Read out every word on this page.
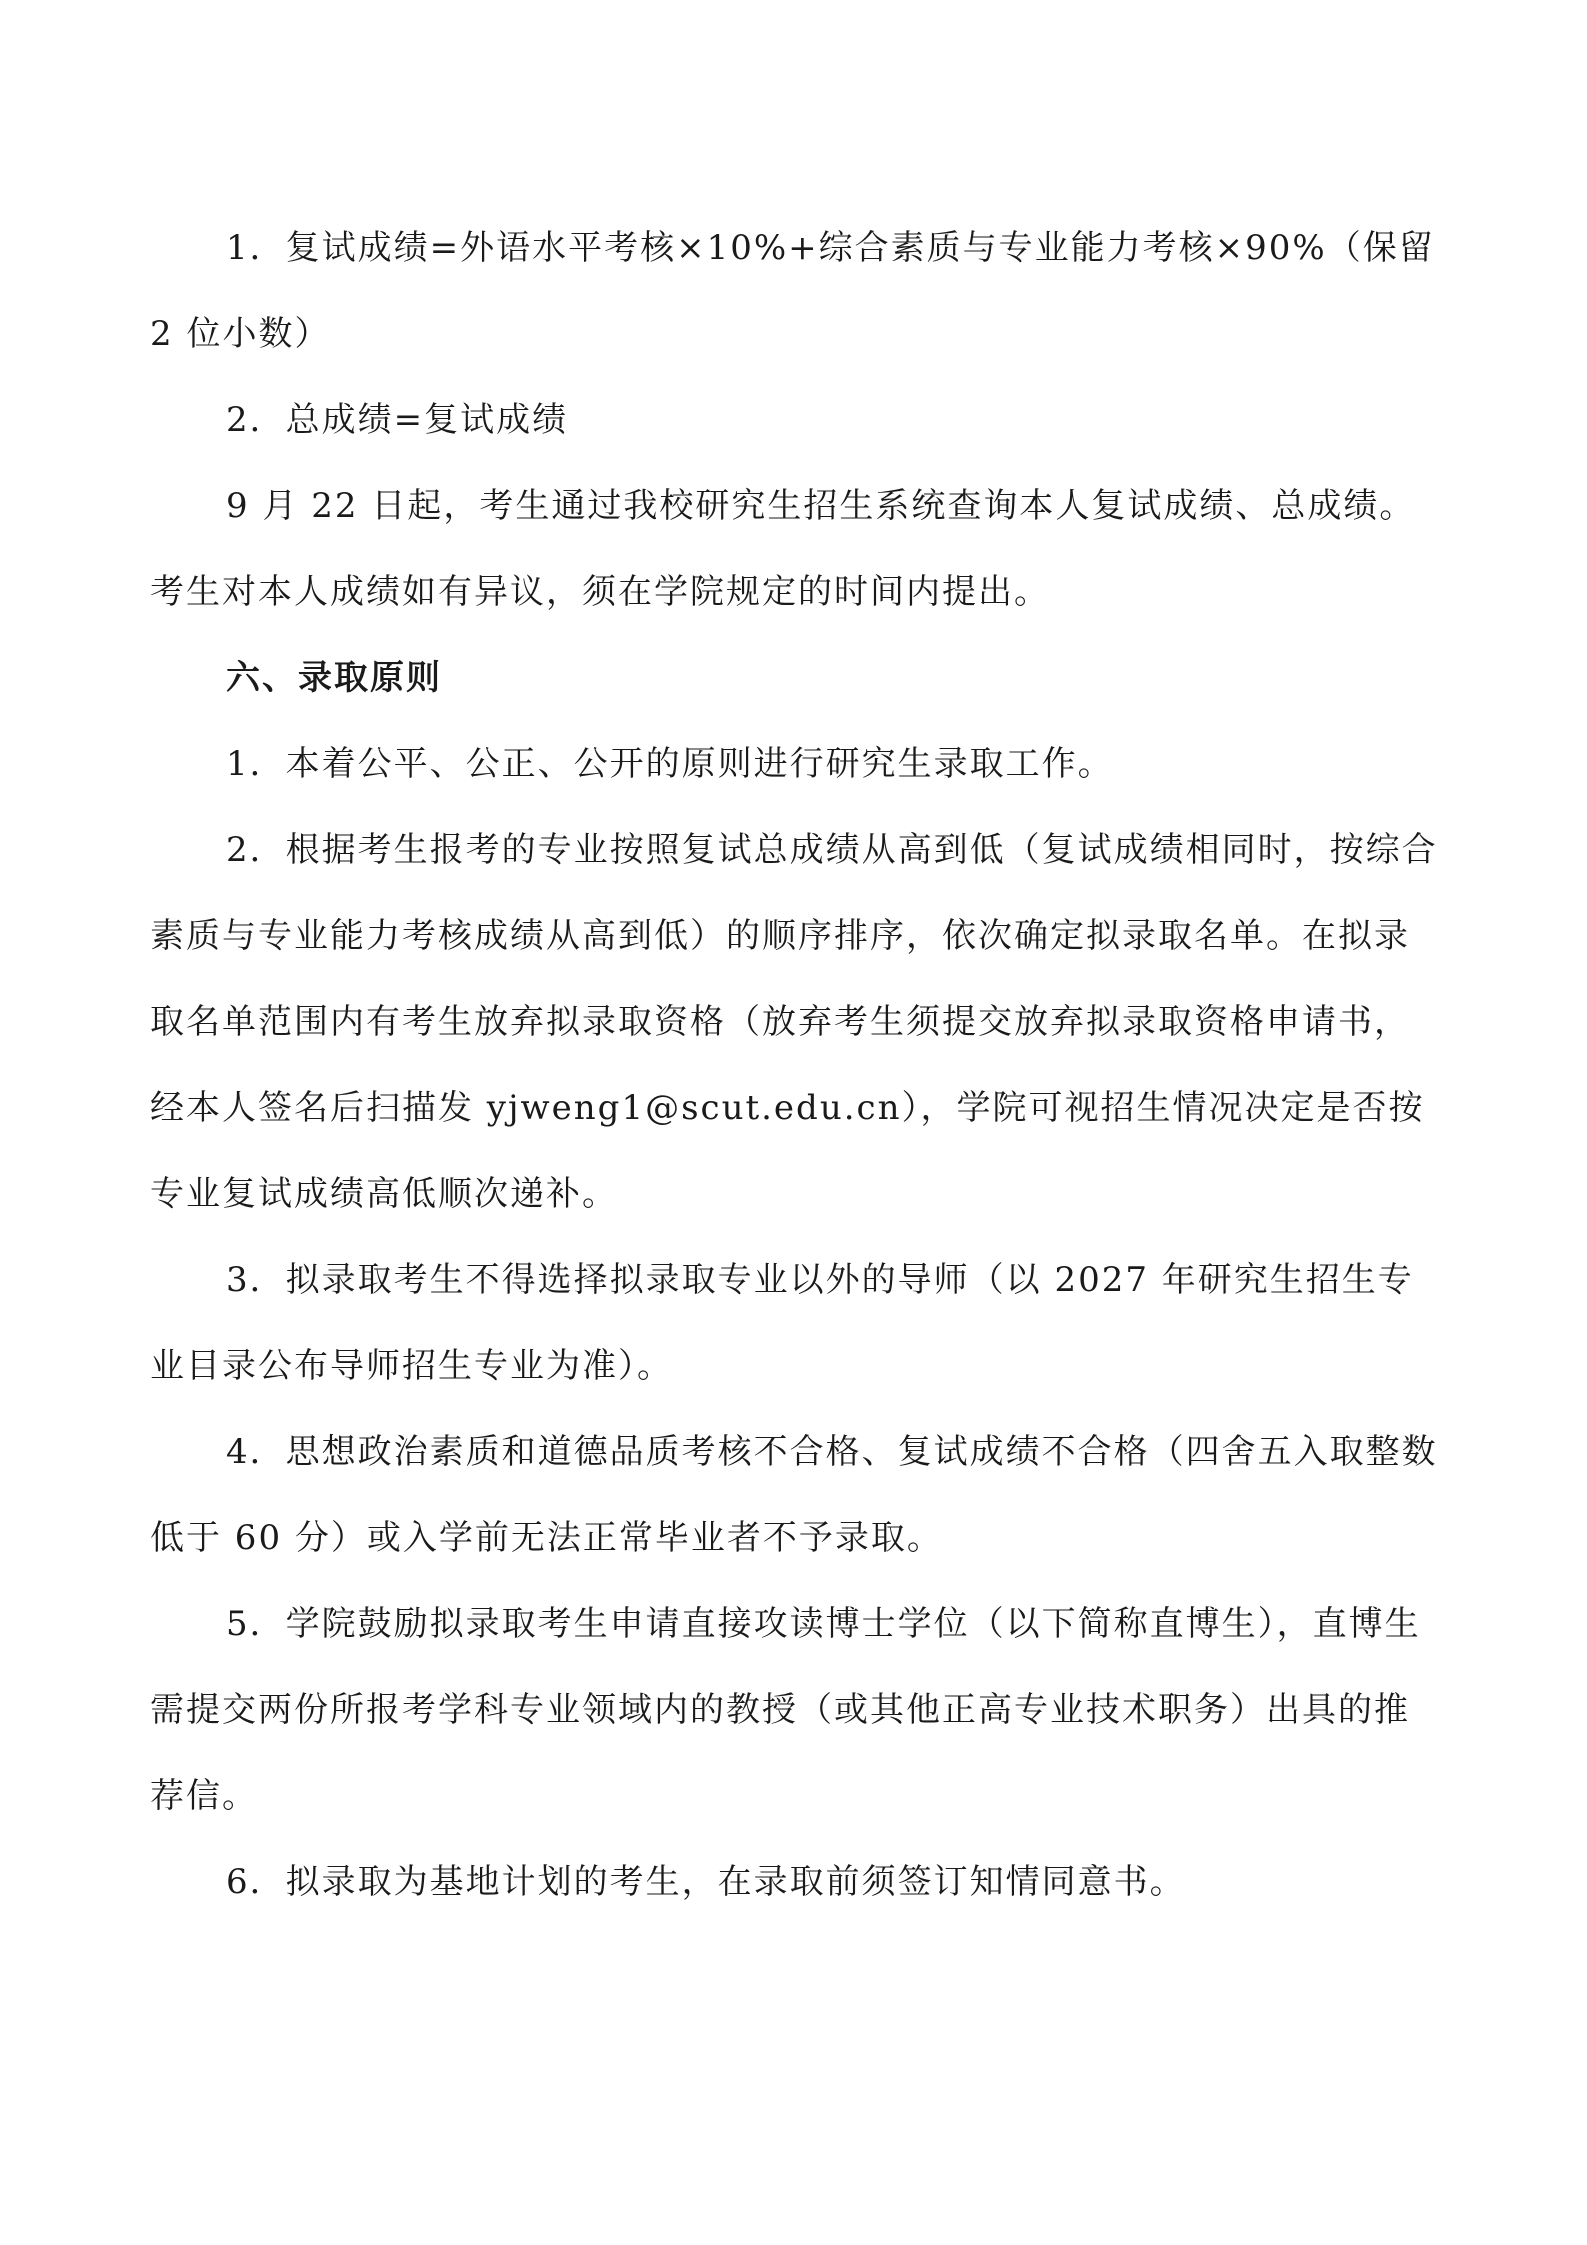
1．复试成绩=外语水平考核×10%+综合素质与专业能力考核×90%（保留 2 位小数）

2．总成绩=复试成绩

9 月 22 日起，考生通过我校研究生招生系统查询本人复试成绩、总成绩。考生对本人成绩如有异议，须在学院规定的时间内提出。

六、录取原则

1．本着公平、公正、公开的原则进行研究生录取工作。

2．根据考生报考的专业按照复试总成绩从高到低（复试成绩相同时，按综合素质与专业能力考核成绩从高到低）的顺序排序，依次确定拟录取名单。在拟录取名单范围内有考生放弃拟录取资格（放弃考生须提交放弃拟录取资格申请书，经本人签名后扫描发 yjweng1@scut.edu.cn），学院可视招生情况决定是否按专业复试成绩高低顺次递补。

3．拟录取考生不得选择拟录取专业以外的导师（以 2027 年研究生招生专业目录公布导师招生专业为准）。

4．思想政治素质和道德品质考核不合格、复试成绩不合格（四舍五入取整数低于 60 分）或入学前无法正常毕业者不予录取。

5．学院鼓励拟录取考生申请直接攻读博士学位（以下简称直博生），直博生需提交两份所报考学科专业领域内的教授（或其他正高专业技术职务）出具的推荐信。

6．拟录取为基地计划的考生，在录取前须签订知情同意书。
